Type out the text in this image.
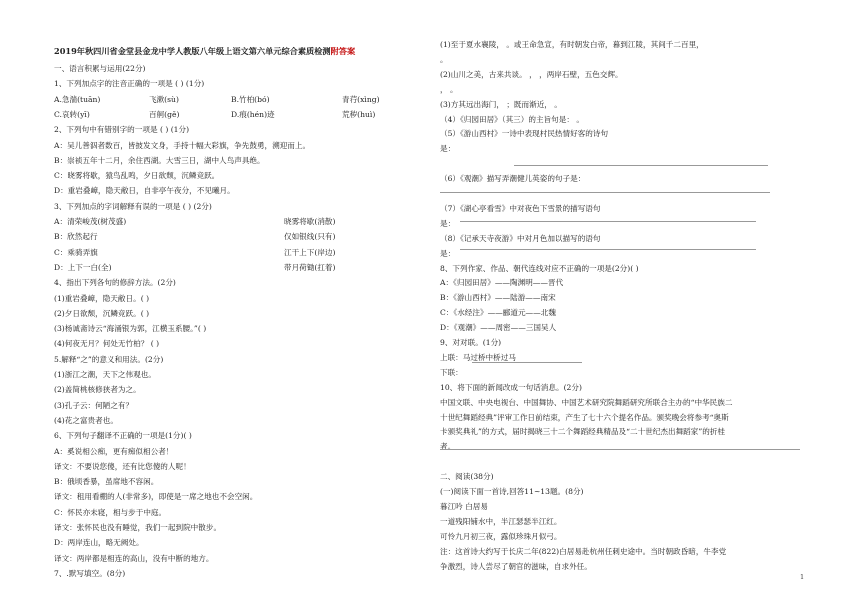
2019年秋四川省金堂县金龙中学人教版八年级上语文第六单元综合素质检测附答案
一、语言积累与运用(22分)
1、下列加点字的注音正确的一项是 ( ) (1分)
A.急湍(tuān)	飞漱(sù)	B.竹柏(bó)	青荇(xìng)
C.哀转(yī)	百舸(gě)	D.痕(hén)迹	荒秽(huì)
2、下列句中有错别字的一项是 ( ) (1分)
A：吴儿善泅者数百，皆披发文身，手持十幅大彩旗，争先鼓勇，溯迎而上。
B：崇祯五年十二月，余住西湖。大雪三日，湖中人鸟声具绝。
C：晓雾将歇，猿鸟乱鸣，夕日欲颓，沉鳞竞跃。
D：重岩叠嶂，隐天敝日，自非亭午夜分，不见曦月。
3、下列加点的字词解释有误的一项是 ( ) (2分)
A：清荣峻茂(树茂盛)	晓雾将歇(消散)
B：欣然起行	仅如银线(只有)
C：乘骑弄旗	江干上下(岸边)
D：上下一白(全)	带月荷锄(扛着)
4、指出下列各句的修辞方法。(2分)
(1)重岩叠嶂，隐天敝日。( )
(2)夕日欲颓，沉鳞竞跃。( )
(3)杨诚斋诗云“海涌银为郭，江横玉系腰。”( )
(4)何夜无月？何处无竹柏？ ( )
5.解释“之”的意义和用法。(2分)
(1)浙江之潮，天下之伟观也。
(2)盖简桃核修狭者为之。
(3)孔子云：何陋之有？
(4)花之富贵者也。
6、下列句子翻译不正确的一项是(1分)( )
A：奚说相公痴，更有痴似相公者！
译文：不要说您傻，还有比您傻的人呢！
B：俄顷香暴，虽席地不容闲。
译文：租用看棚的人(非常多)，即使是一席之地也不会空闲。
C：怀民亦未寝，相与步于中庭。
译文：张怀民也没有睡觉，我们一起到院中散步。
D：两岸连山，略无阙处。
译文：两岸都是相连的高山，没有中断的地方。
7、.默写填空。(8分)
(1)至于夏水襄陵， 。或王命急宣，有时朝发白帝，暮到江陵，其间千二百里，
。
(2)山川之美，古来共谈。 ， ，两岸石壁，五色交辉。
， 。
(3)方其远出海门， ；既而渐近， 。
（4）《归园田居》（其三）的主旨句是： 。
（5）《游山西村》一诗中表现村民热情好客的诗句
是：
（6）《观潮》描写弄潮健儿英姿的句子是：
（7）《湖心亭看雪》中对夜色下雪景的描写语句
是：
（8）《记承天寺夜游》中对月色加以描写的语句
是：
8、下列作家、作品、朝代连线对应不正确的一项是(2分)( )
A：《归园田居》——陶渊明——晋代
B：《游山西村》——陆游——南宋
C：《水经注》——郦道元——北魏
D：《观潮》——周密——三国吴人
9、对对联。(1分)
上联：马过桥中桥过马
下联：
10、将下面的新闻改成一句话消息。(2分)
中国文联、中央电视台、中国舞协、中国艺术研究院舞蹈研究所联合主办的“中华民族二
十世纪舞蹈经典”评审工作日前结束，产生了七十六个提名作品。颁奖晚会将参考“奥斯
卡颁奖典礼”的方式，届时揭晓三十二个舞蹈经典精品及“二十世纪杰出舞蹈家”的折桂
者。
二、阅读(38分)
(一)阅读下面一首诗,回答11~13题。(8分)
暮江吟 白居易
一道残阳铺水中，半江瑟瑟半江红。
可怜九月初三夜，露似珍珠月似弓。
注：这首诗大约写于长庆二年(822)白居易赴杭州任刺史途中。当时朝政昏暗，牛李党
争激烈，诗人尝尽了朝官的滋味，自求外任。
1
